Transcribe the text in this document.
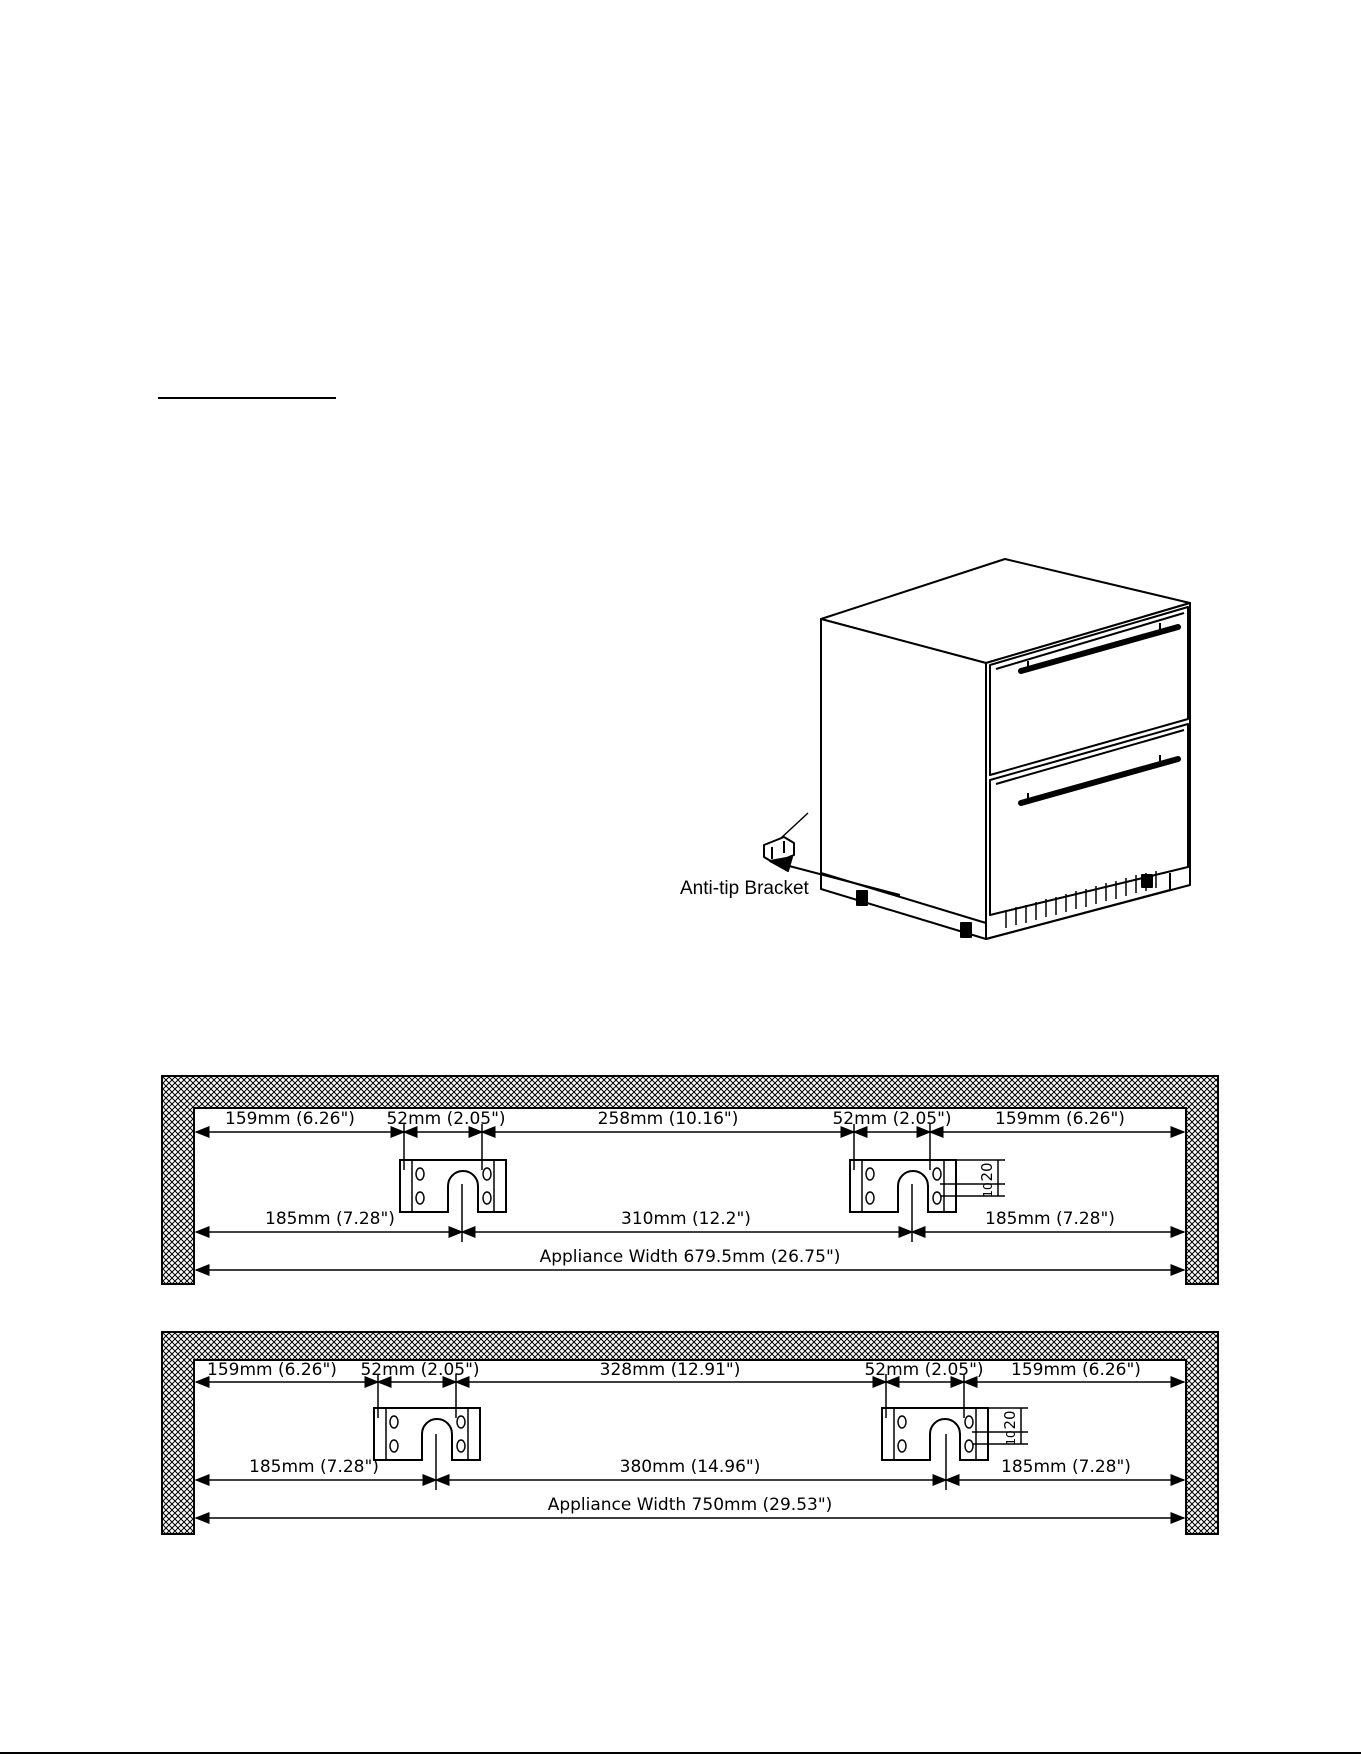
Anti-tip Bracket
159mm (6.26") 52mm (2.05")	258mm (10.16")	52mm (2.05")	159mm (6.26")
185mm (7.28")	310mm (12.2")	185mm (7.28")
20
10
Appliance Width 679.5mm (26.75")
159mm (6.26") 52mm (2.05")	328mm (12.91")	52mm (2.05") 159mm (6.26")
185mm (7.28")	380mm (14.96")	185mm (7.28")
20
10
Appliance Width 750mm (29.53")
